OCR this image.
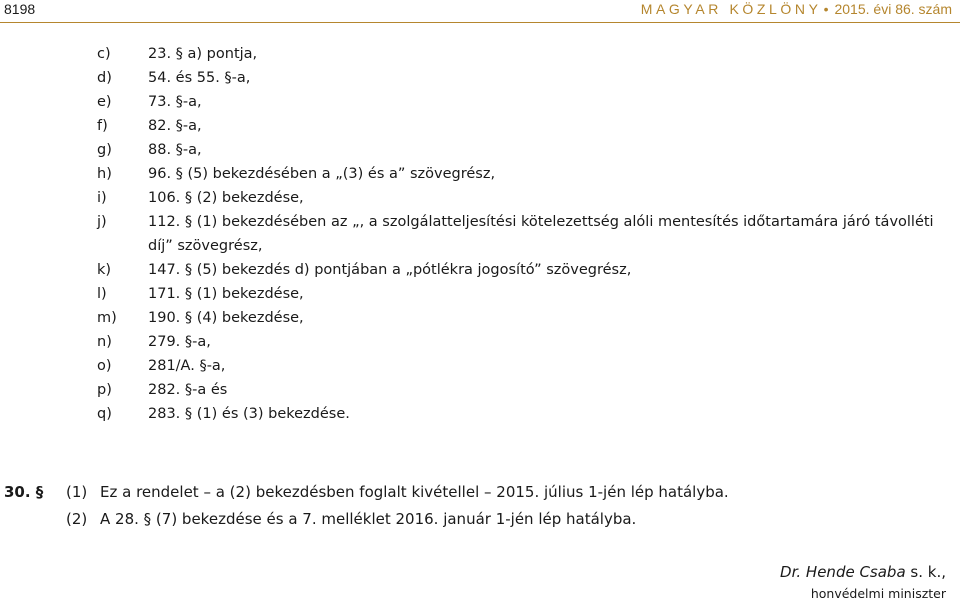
8198	MAGYAR KÖZLÖNY • 2015. évi 86. szám
c)	23. § a) pontja,
d) 54. és 55. §-a,
e)	73. §-a,
f)	82. §-a,
g) 88. §-a,
h) 96. § (5) bekezdésében a „(3) és a” szövegrész,
i)	106. § (2) bekezdése,
j)	112. § (1) bekezdésében az „, a szolgálatteljesítési kötelezettség alóli mentesítés időtartamára járó távolléti díj” szövegrész,
k)	147. § (5) bekezdés d) pontjában a „pótlékra jogosító” szövegrész,
l)	171. § (1) bekezdése,
m) 190. § (4) bekezdése,
n) 279. §-a,
o)	281/A. §-a,
p) 282. §-a és
q) 283. § (1) és (3) bekezdése.
30. § (1) Ez a rendelet – a (2) bekezdésben foglalt kivétellel – 2015. július 1-jén lép hatályba.
(2) A 28. § (7) bekezdése és a 7. melléklet 2016. január 1-jén lép hatályba.
Dr. Hende Csaba s. k.,
honvédelmi miniszter
